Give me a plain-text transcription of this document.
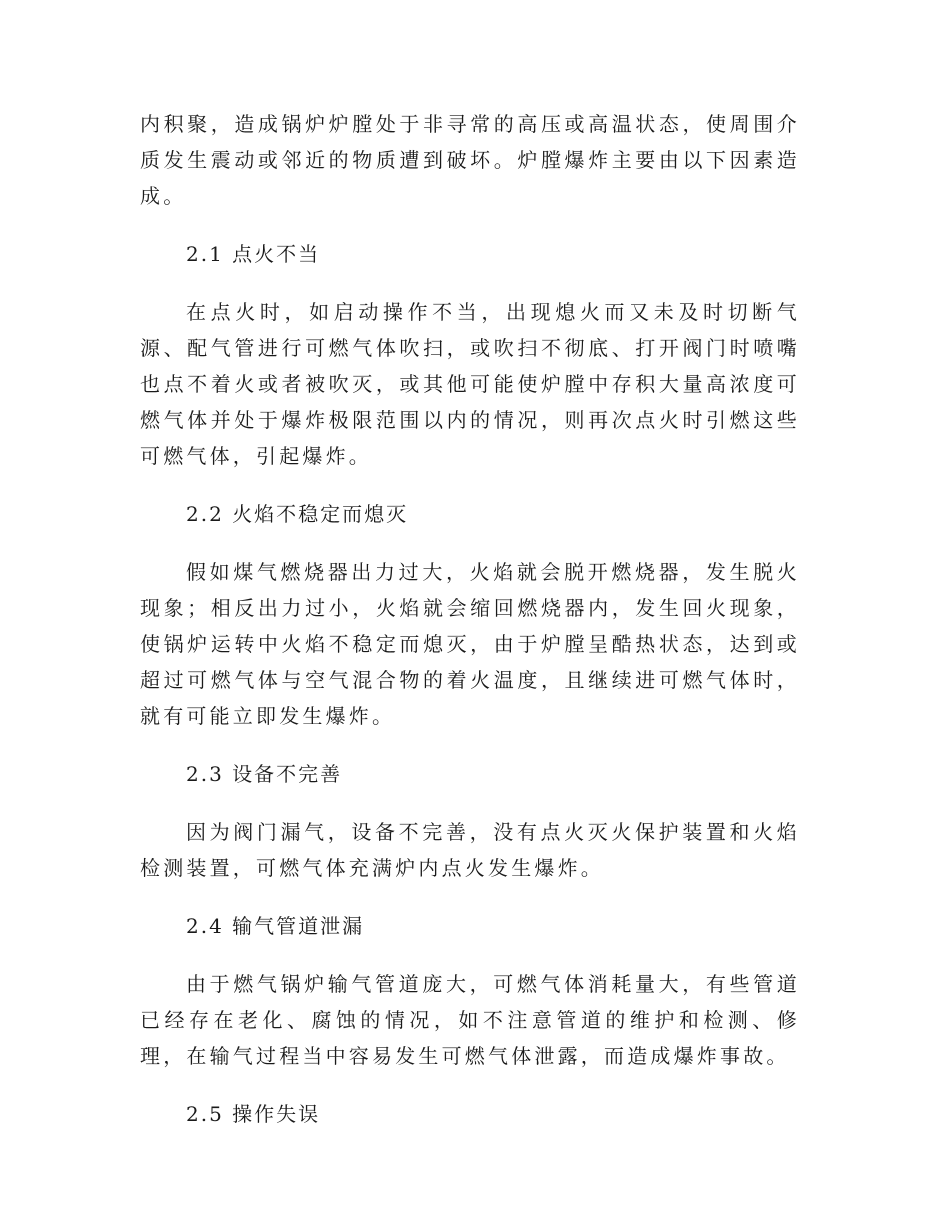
内积聚，造成锅炉炉膛处于非寻常的高压或高温状态，使周围介质发生震动或邻近的物质遭到破坏。炉膛爆炸主要由以下因素造成。

2.1 点火不当

在点火时，如启动操作不当，出现熄火而又未及时切断气源、配气管进行可燃气体吹扫，或吹扫不彻底、打开阀门时喷嘴也点不着火或者被吹灭，或其他可能使炉膛中存积大量高浓度可燃气体并处于爆炸极限范围以内的情况，则再次点火时引燃这些可燃气体，引起爆炸。

2.2 火焰不稳定而熄灭

假如煤气燃烧器出力过大，火焰就会脱开燃烧器，发生脱火现象；相反出力过小，火焰就会缩回燃烧器内，发生回火现象，使锅炉运转中火焰不稳定而熄灭，由于炉膛呈酷热状态，达到或超过可燃气体与空气混合物的着火温度，且继续进可燃气体时，就有可能立即发生爆炸。

2.3 设备不完善

因为阀门漏气，设备不完善，没有点火灭火保护装置和火焰检测装置，可燃气体充满炉内点火发生爆炸。

2.4 输气管道泄漏

由于燃气锅炉输气管道庞大，可燃气体消耗量大，有些管道已经存在老化、腐蚀的情况，如不注意管道的维护和检测、修理，在输气过程当中容易发生可燃气体泄露，而造成爆炸事故。

2.5 操作失误
